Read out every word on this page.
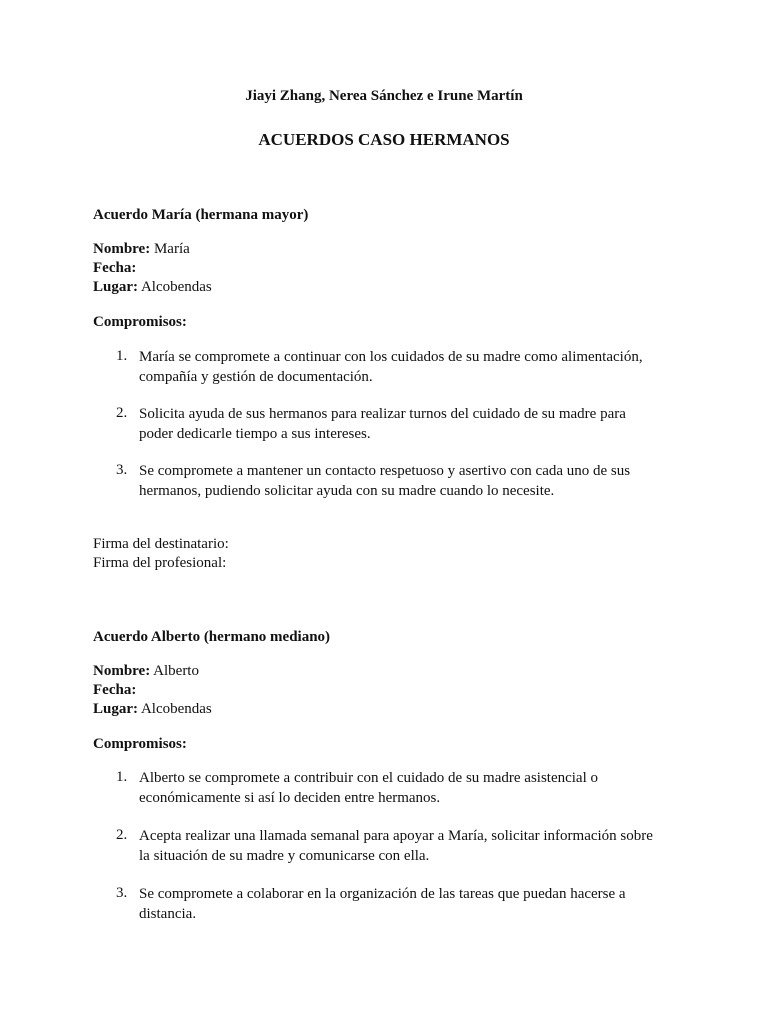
Jiayi Zhang, Nerea Sánchez e Irune Martín
ACUERDOS CASO HERMANOS
Acuerdo María (hermana mayor)
Nombre: María
Fecha:
Lugar: Alcobendas
Compromisos:
1. María se compromete a continuar con los cuidados de su madre como alimentación,
compañía y gestión de documentación.
2. Solicita ayuda de sus hermanos para realizar turnos del cuidado de su madre para
poder dedicarle tiempo a sus intereses.
3. Se compromete a mantener un contacto respetuoso y asertivo con cada uno de sus
hermanos, pudiendo solicitar ayuda con su madre cuando lo necesite.
Firma del destinatario:
Firma del profesional:
Acuerdo Alberto (hermano mediano)
Nombre: Alberto
Fecha:
Lugar: Alcobendas
Compromisos:
1. Alberto se compromete a contribuir con el cuidado de su madre asistencial o
económicamente si así lo deciden entre hermanos.
2. Acepta realizar una llamada semanal para apoyar a María, solicitar información sobre
la situación de su madre y comunicarse con ella.
3. Se compromete a colaborar en la organización de las tareas que puedan hacerse a
distancia.
